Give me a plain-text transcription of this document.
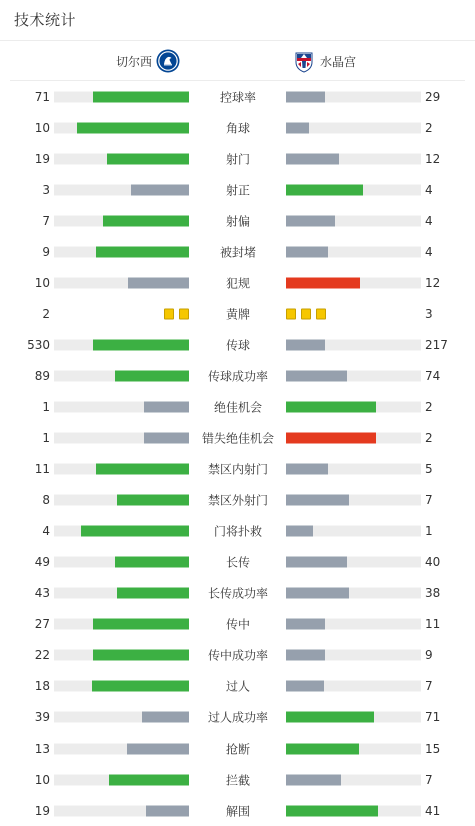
技术统计
切尔西	水晶宫
71	控球率	29
10	角球	2
19	射门	12
3	射正	4
7	射偏	4
9	被封堵	4
10	犯规	12
2	黄牌	3
530	传球	217
89	传球成功率	74
1	绝佳机会	2
1	错失绝佳机会	2
11	禁区内射门	5
8	禁区外射门	7
4	门将扑救	1
49	长传	40
43	长传成功率	38
27	传中	11
22	传中成功率	9
18	过人	7
39	过人成功率	71
13	抢断	15
10	拦截	7
19	解围	41
